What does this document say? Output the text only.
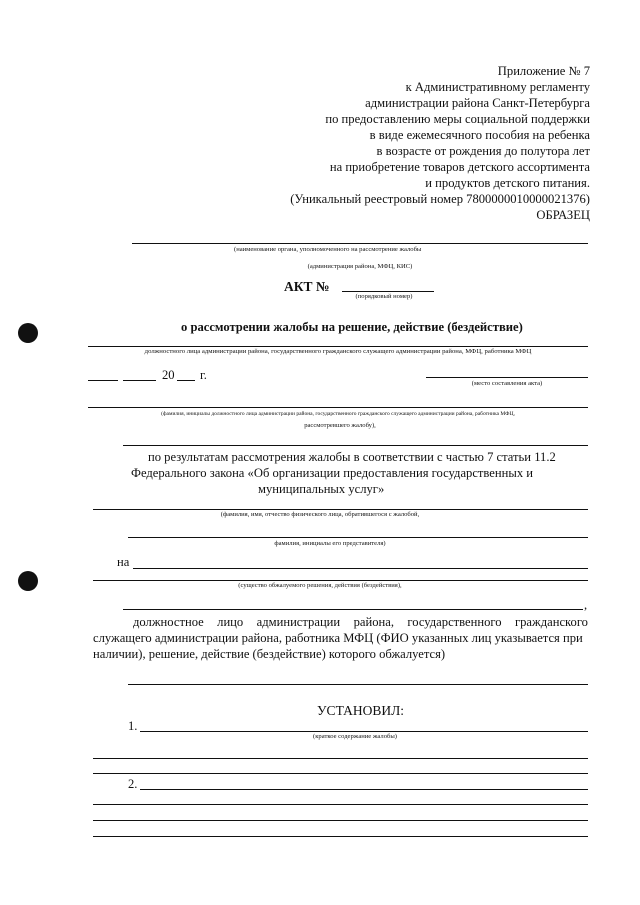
Приложение № 7
к Административному регламенту
администрации района Санкт-Петербурга
по предоставлению меры социальной поддержки
в виде ежемесячного пособия на ребенка
в возрасте от рождения до полутора лет
на приобретение товаров детского ассортимента
и продуктов детского питания.
(Уникальный реестровый номер 7800000010000021376)
ОБРАЗЕЦ
(наименование органа, уполномоченного на рассмотрение жалобы
(администрация района, МФЦ, КИС)
АКТ №
(порядковый номер)
о рассмотрении жалобы на решение, действие (бездействие)
должностного лица администрации района, государственного гражданского служащего администрации района, МФЦ, работника МФЦ
20 г.
(место составления акта)
(фамилия, инициалы должностного лица администрации района, государственного гражданского служащего администрации района, работника МФЦ,
рассмотревшего жалобу),
по результатам рассмотрения жалобы в соответствии с частью 7 статьи 11.2
Федерального закона «Об организации предоставления государственных и
муниципальных услуг»
(фамилия, имя, отчество физического лица, обратившегося с жалобой,
фамилия, инициалы его представителя)
на
(существо обжалуемого решения, действия (бездействия),
,
должностное лицо администрации района, государственного гражданского
служащего администрации района, работника МФЦ (ФИО указанных лиц указывается при
наличии), решение, действие (бездействие) которого обжалуется)
УСТАНОВИЛ:
1.
(краткое содержание жалобы)
2.
